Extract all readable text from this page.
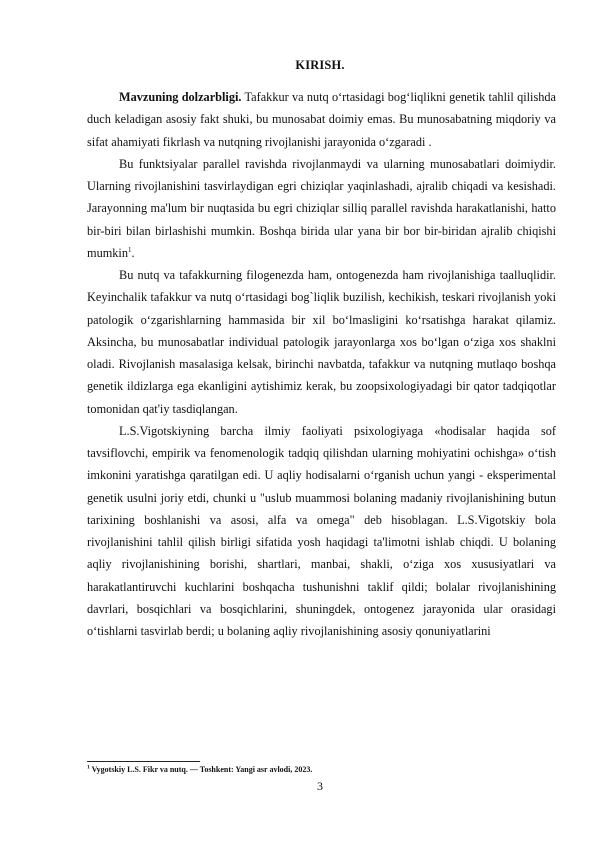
KIRISH.

Mavzuning dolzarbligi. Tafakkur va nutq o‘rtasidagi bog‘liqlikni genetik tahlil qilishda duch keladigan asosiy fakt shuki, bu munosabat doimiy emas. Bu munosabatning miqdoriy va sifat ahamiyati fikrlash va nutqning rivojlanishi jarayonida o‘zgaradi .

Bu funktsiyalar parallel ravishda rivojlanmaydi va ularning munosabatlari doimiydir. Ularning rivojlanishini tasvirlaydigan egri chiziqlar yaqinlashadi, ajralib chiqadi va kesishadi. Jarayonning ma'lum bir nuqtasida bu egri chiziqlar silliq parallel ravishda harakatlanishi, hatto bir-biri bilan birlashishi mumkin. Boshqa birida ular yana bir bor bir-biridan ajralib chiqishi mumkin$^1$.

Bu nutq va tafakkurning filogenezda ham, ontogenezda ham rivojlanishiga taalluqlidir. Keyinchalik tafakkur va nutq o‘rtasidagi bog`liqlik buzilish, kechikish, teskari rivojlanish yoki patologik o‘zgarishlarning hammasida bir xil bo‘lmasligini ko‘rsatishga harakat qilamiz. Aksincha, bu munosabatlar individual patologik jarayonlarga xos bo‘lgan o‘ziga xos shaklni oladi. Rivojlanish masalasiga kelsak, birinchi navbatda, tafakkur va nutqning mutlaqo boshqa genetik ildizlarga ega ekanligini aytishimiz kerak, bu zoopsixologiyadagi bir qator tadqiqotlar tomonidan qat'iy tasdiqlangan.

L.S.Vigotskiyning barcha ilmiy faoliyati psixologiyaga «hodisalar haqida sof tavsiflovchi, empirik va fenomenologik tadqiq qilishdan ularning mohiyatini ochishga» o‘tish imkonini yaratishga qaratilgan edi. U aqliy hodisalarni o‘rganish uchun yangi - eksperimental genetik usulni joriy etdi, chunki u "uslub muammosi bolaning madaniy rivojlanishining butun tarixining boshlanishi va asosi, alfa va omega" deb hisoblagan. L.S.Vigotskiy bola rivojlanishini tahlil qilish birligi sifatida yosh haqidagi ta'limotni ishlab chiqdi. U bolaning aqliy rivojlanishining borishi, shartlari, manbai, shakli, o‘ziga xos xususiyatlari va harakatlantiruvchi kuchlarini boshqacha tushunishni taklif qildi; bolalar rivojlanishining davrlari, bosqichlari va bosqichlarini, shuningdek, ontogenez jarayonida ular orasidagi o‘tishlarni tasvirlab berdi; u bolaning aqliy rivojlanishining asosiy qonuniyatlarini

$^1$ Vygotskiy L.S. Fikr va nutq. — Toshkent: Yangi asr avlodi, 2023.
3
